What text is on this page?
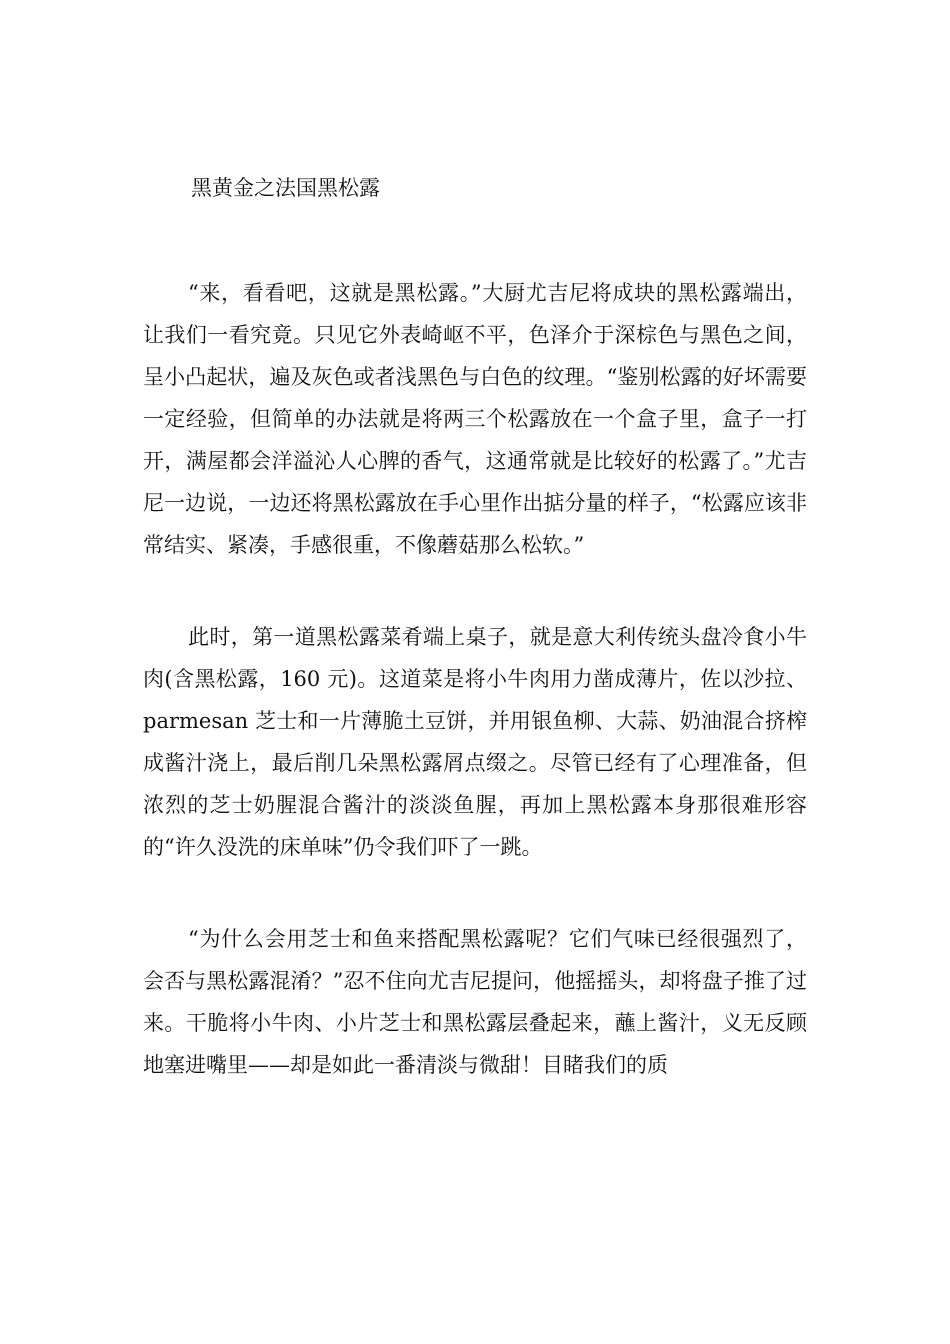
黑黄金之法国黑松露

“来，看看吧，这就是黑松露。”大厨尤吉尼将成块的黑松露端出，让我们一看究竟。只见它外表崎岖不平，色泽介于深棕色与黑色之间，呈小凸起状，遍及灰色或者浅黑色与白色的纹理。“鉴别松露的好坏需要一定经验，但简单的办法就是将两三个松露放在一个盒子里，盒子一打开，满屋都会洋溢沁人心脾的香气，这通常就是比较好的松露了。”尤吉尼一边说，一边还将黑松露放在手心里作出掂分量的样子，“松露应该非常结实、紧凑，手感很重，不像蘑菇那么松软。”

此时，第一道黑松露菜肴端上桌子，就是意大利传统头盘冷食小牛肉(含黑松露，160 元)。这道菜是将小牛肉用力凿成薄片，佐以沙拉、parmesan 芝士和一片薄脆土豆饼，并用银鱼柳、大蒜、奶油混合挤榨成酱汁浇上，最后削几朵黑松露屑点缀之。尽管已经有了心理准备，但浓烈的芝士奶腥混合酱汁的淡淡鱼腥，再加上黑松露本身那很难形容的“许久没洗的床单味”仍令我们吓了一跳。

“为什么会用芝士和鱼来搭配黑松露呢？它们气味已经很强烈了，会否与黑松露混淆？”忍不住向尤吉尼提问，他摇摇头，却将盘子推了过来。干脆将小牛肉、小片芝士和黑松露层叠起来，蘸上酱汁，义无反顾地塞进嘴里——却是如此一番清淡与微甜！目睹我们的质
